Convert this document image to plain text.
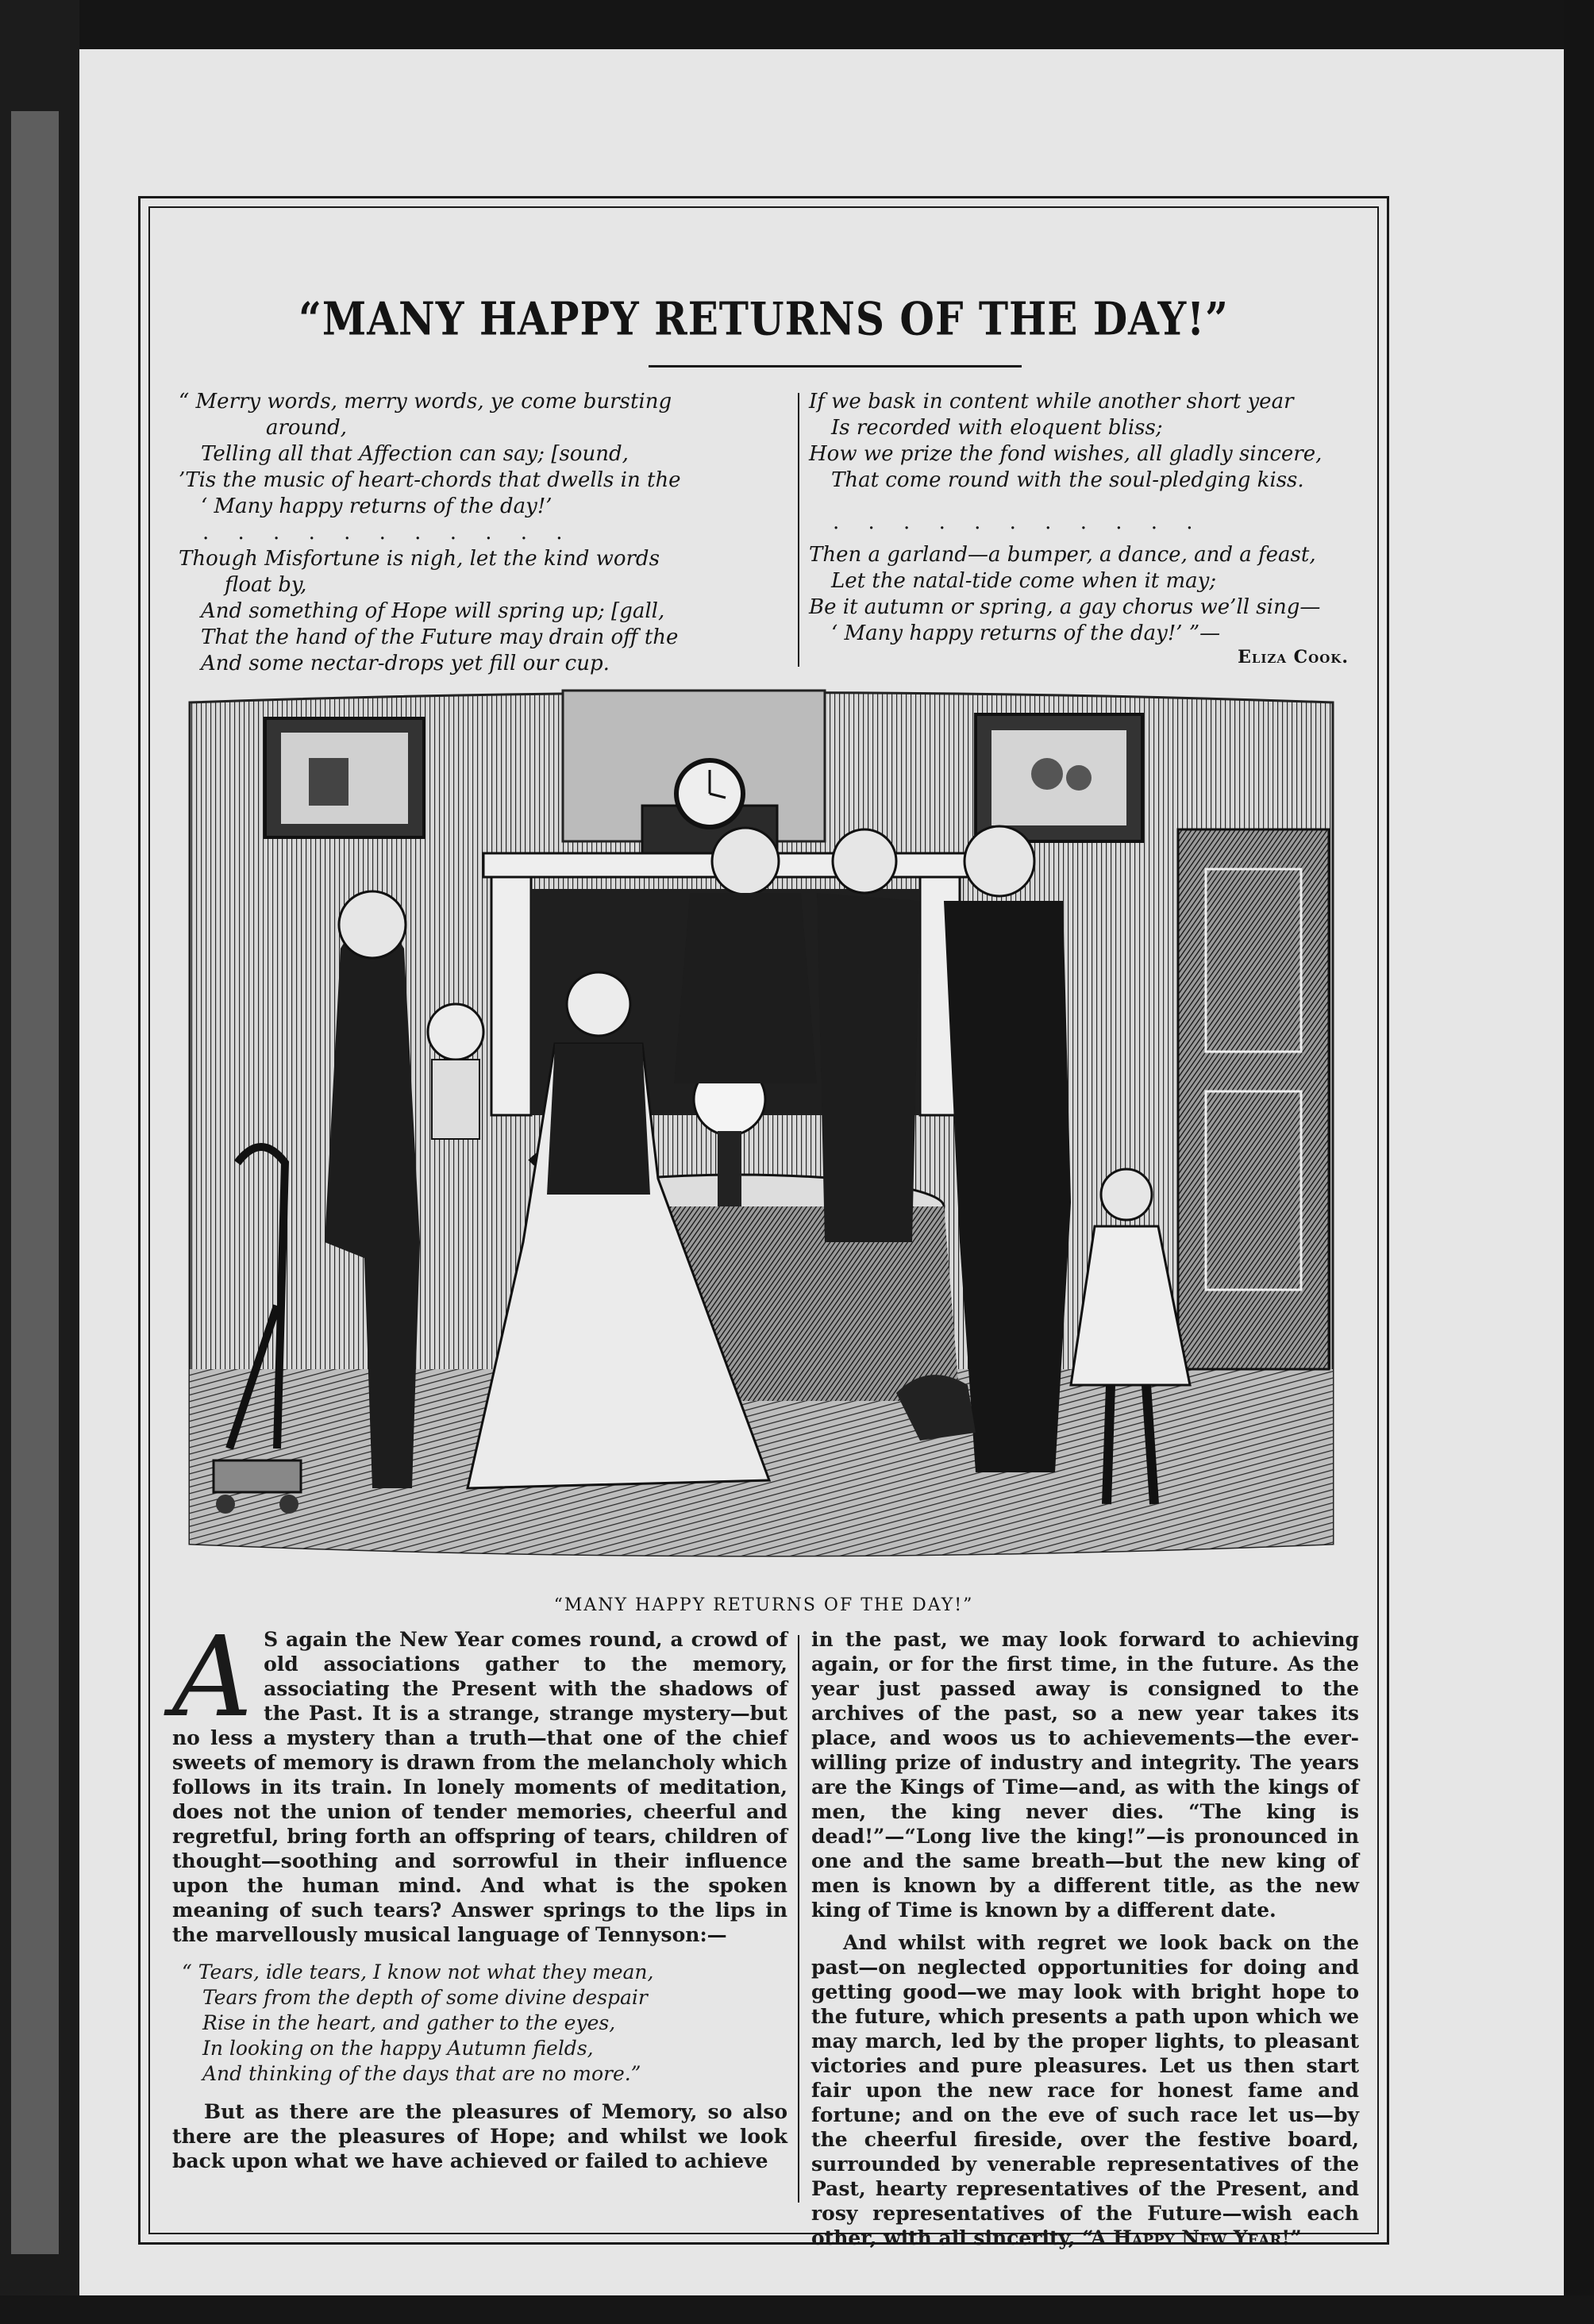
“MANY HAPPY RETURNS OF THE DAY!”
“ Merry words, merry words, ye come bursting
around,
Telling all that Affection can say; [sound,
’Tis the music of heart-chords that dwells in the
‘ Many happy returns of the day!’
. . . . . . . . . . .
Though Misfortune is nigh, let the kind words
float by,
And something of Hope will spring up; [gall,
That the hand of the Future may drain off the
And some nectar-drops yet fill our cup.
If we bask in content while another short year
Is recorded with eloquent bliss;
How we prize the fond wishes, all gladly sincere,
That come round with the soul-pledging kiss.
. . . . . . . . . . .
Then a garland—a bumper, a dance, and a feast,
Let the natal-tide come when it may;
Be it autumn or spring, a gay chorus we’ll sing—
‘ Many happy returns of the day!’ ”—
Eliza Cook.
“MANY HAPPY RETURNS OF THE DAY!”

A S again the New Year comes round, a crowd of old associations gather to the memory, associating the Present with the shadows of the Past. It is a strange, strange mystery—but no less a mystery than a truth—that one of the chief sweets of memory is drawn from the melancholy which follows in its train. In lonely moments of meditation, does not the union of tender memories, cheerful and regretful, bring forth an offspring of tears, children of thought—soothing and sorrowful in their influence upon the human mind. And what is the spoken meaning of such tears? Answer springs to the lips in the marvellously musical language of Tennyson:—

“ Tears, idle tears, I know not what they mean,
Tears from the depth of some divine despair
Rise in the heart, and gather to the eyes,
In looking on the happy Autumn fields,
And thinking of the days that are no more.”

But as there are the pleasures of Memory, so also there are the pleasures of Hope; and whilst we look back upon what we have achieved or failed to achieve

in the past, we may look forward to achieving again, or for the first time, in the future. As the year just passed away is consigned to the archives of the past, so a new year takes its place, and woos us to achievements—the ever-willing prize of industry and integrity. The years are the Kings of Time—and, as with the kings of men, the king never dies. “The king is dead!”—“Long live the king!”—is pronounced in one and the same breath—but the new king of men is known by a different title, as the new king of Time is known by a different date.

And whilst with regret we look back on the past—on neglected opportunities for doing and getting good—we may look with bright hope to the future, which presents a path upon which we may march, led by the proper lights, to pleasant victories and pure pleasures. Let us then start fair upon the new race for honest fame and fortune; and on the eve of such race let us—by the cheerful fireside, over the festive board, surrounded by venerable representatives of the Past, hearty representatives of the Present, and rosy representatives of the Future—wish each other, with all sincerity, “A Happy New Year!”
